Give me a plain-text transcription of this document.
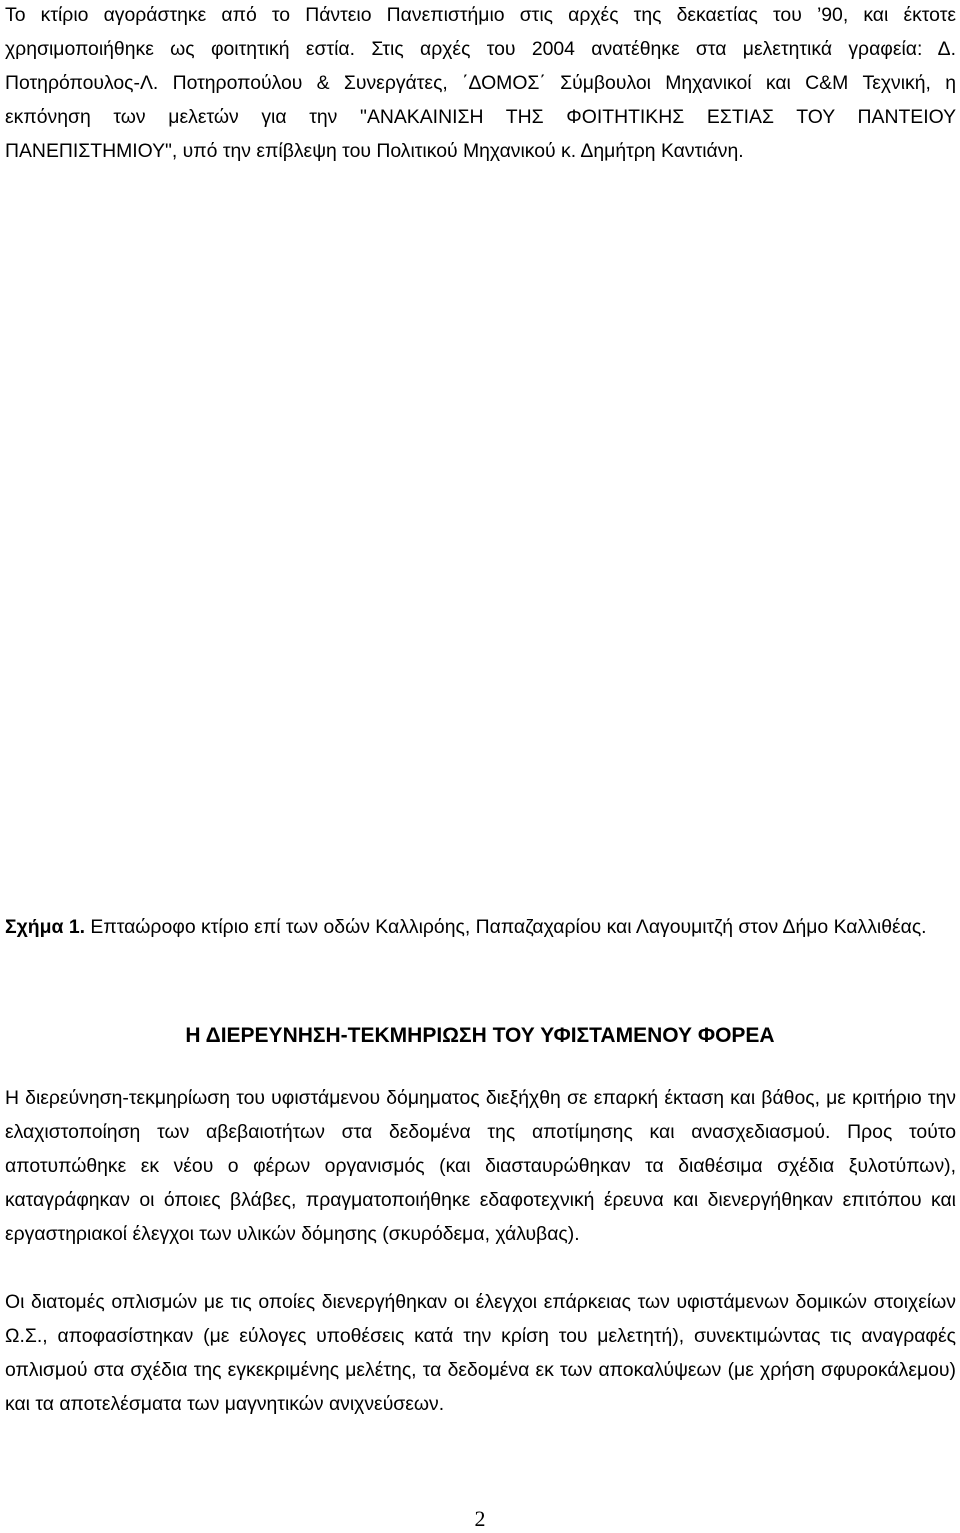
Το κτίριο αγοράστηκε από το Πάντειο Πανεπιστήμιο στις αρχές της δεκαετίας του ’90, και έκτοτε χρησιμοποιήθηκε ως φοιτητική εστία. Στις αρχές του 2004 ανατέθηκε στα μελετητικά γραφεία: Δ. Ποτηρόπουλος-Λ. Ποτηροπούλου & Συνεργάτες, ΄ΔΟΜΟΣ΄ Σύμβουλοι Μηχανικοί και C&M Τεχνική, η εκπόνηση των μελετών για την "ΑΝΑΚΑΙΝΙΣΗ ΤΗΣ ΦΟΙΤΗΤΙΚΗΣ ΕΣΤΙΑΣ ΤΟΥ ΠΑΝΤΕΙΟΥ ΠΑΝΕΠΙΣΤΗΜΙΟΥ", υπό την επίβλεψη του Πολιτικού Μηχανικού κ. Δημήτρη Καντιάνη.

Σχήμα 1. Επταώροφο κτίριο επί των οδών Καλλιρόης, Παπαζαχαρίου και Λαγουμιτζή στον Δήμο Καλλιθέας.

Η ΔΙΕΡΕΥΝΗΣΗ-ΤΕΚΜΗΡΙΩΣΗ ΤΟΥ ΥΦΙΣΤΑΜΕΝΟΥ ΦΟΡΕΑ

Η διερεύνηση-τεκμηρίωση του υφιστάμενου δόμηματος διεξήχθη σε επαρκή έκταση και βάθος, με κριτήριο την ελαχιστοποίηση των αβεβαιοτήτων στα δεδομένα της αποτίμησης και ανασχεδιασμού. Προς τούτο αποτυπώθηκε εκ νέου ο φέρων οργανισμός (και διασταυρώθηκαν τα διαθέσιμα σχέδια ξυλοτύπων), καταγράφηκαν οι όποιες βλάβες, πραγματοποιήθηκε εδαφοτεχνική έρευνα και διενεργήθηκαν επιτόπου και εργαστηριακοί έλεγχοι των υλικών δόμησης (σκυρόδεμα, χάλυβας).

Οι διατομές οπλισμών με τις οποίες διενεργήθηκαν οι έλεγχοι επάρκειας των υφιστάμενων δομικών στοιχείων Ω.Σ., αποφασίστηκαν (με εύλογες υποθέσεις κατά την κρίση του μελετητή), συνεκτιμώντας τις αναγραφές οπλισμού στα σχέδια της εγκεκριμένης μελέτης, τα δεδομένα εκ των αποκαλύψεων (με χρήση σφυροκάλεμου) και τα αποτελέσματα των μαγνητικών ανιχνεύσεων.

2
